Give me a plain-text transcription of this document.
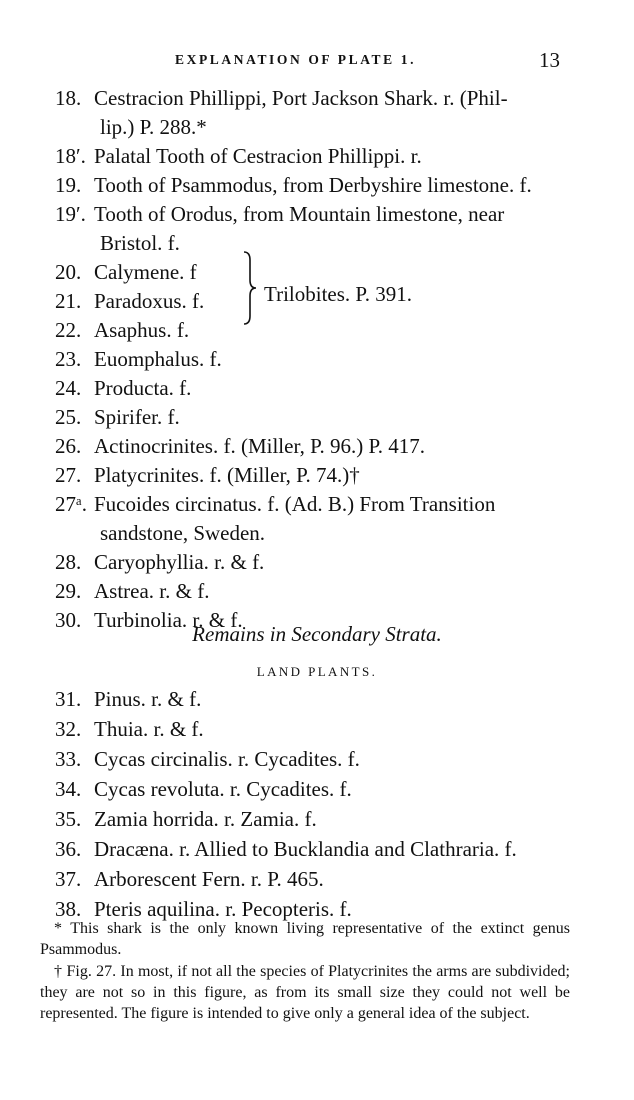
EXPLANATION OF PLATE 1.	13
18. Cestracion Phillippi, Port Jackson Shark. r. (Phil-
lip.) P. 288.*
18′. Palatal Tooth of Cestracion Phillippi. r.
19. Tooth of Psammodus, from Derbyshire limestone. f.
19′. Tooth of Orodus, from Mountain limestone, near
Bristol. f.
20. Calymene. f
21. Paradoxus. f.
22. Asaphus. f.
23. Euomphalus. f.
24. Producta. f.
25. Spirifer. f.
26. Actinocrinites. f. (Miller, P. 96.) P. 417.
27. Platycrinites. f. (Miller, P. 74.)†
27ᵃ. Fucoides circinatus. f. (Ad. B.) From Transition
sandstone, Sweden.
28. Caryophyllia. r. & f.
29. Astrea. r. & f.
30. Turbinolia. r. & f.
Trilobites. P. 391.
Remains in Secondary Strata.
LAND PLANTS.
31. Pinus. r. & f.
32. Thuia. r. & f.
33. Cycas circinalis. r. Cycadites. f.
34. Cycas revoluta. r. Cycadites. f.
35. Zamia horrida. r. Zamia. f.
36. Dracæna. r. Allied to Bucklandia and Clathraria. f.
37. Arborescent Fern. r. P. 465.
38. Pteris aquilina. r. Pecopteris. f.

* This shark is the only known living representative of the extinct genus Psammodus.

† Fig. 27. In most, if not all the species of Platycrinites the arms are subdivided; they are not so in this figure, as from its small size they could not well be represented. The figure is intended to give only a general idea of the subject.
